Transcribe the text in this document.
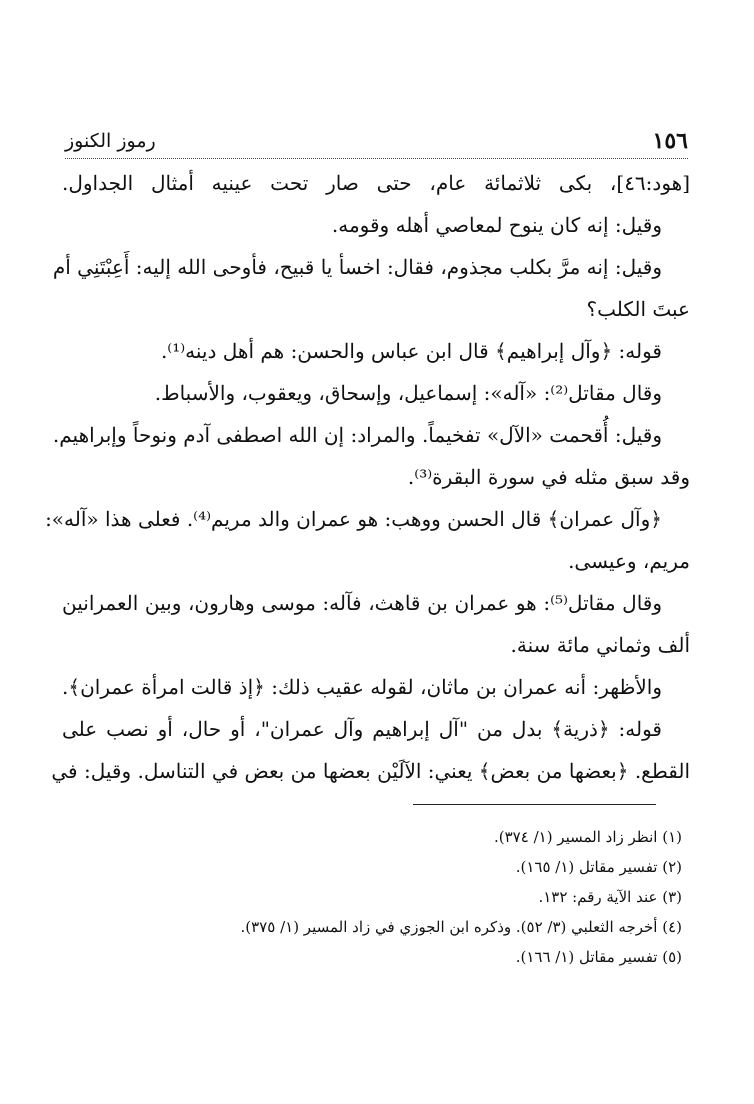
١٥٦
رموز الكنوز
[هود:٤٦]، بكى ثلاثمائة عام، حتى صار تحت عينيه أمثال الجداول.
وقيل: إنه كان ينوح لمعاصي أهله وقومه.
وقيل: إنه مرَّ بكلب مجذوم، فقال: اخسأ يا قبيح، فأوحى الله إليه: أَعِبْتَنِي أم
عبتَ الكلب؟
قوله: ﴿وآل إبراهيم﴾ قال ابن عباس والحسن: هم أهل دينه⁽¹⁾.
وقال مقاتل⁽²⁾: «آله»: إسماعيل، وإسحاق، ويعقوب، والأسباط.
وقيل: أُقحمت «الآل» تفخيماً. والمراد: إن الله اصطفى آدم ونوحاً وإبراهيم.
وقد سبق مثله في سورة البقرة⁽³⁾.
﴿وآل عمران﴾ قال الحسن ووهب: هو عمران والد مريم⁽⁴⁾. فعلى هذا «آله»:
مريم، وعيسى.
وقال مقاتل⁽⁵⁾: هو عمران بن قاهث، فآله: موسى وهارون، وبين العمرانين
ألف وثماني مائة سنة.
والأظهر: أنه عمران بن ماثان، لقوله عقيب ذلك: ﴿إذ قالت امرأة عمران﴾.
قوله: ﴿ذرية﴾ بدل من "آل إبراهيم وآل عمران"، أو حال، أو نصب على
القطع. ﴿بعضها من بعض﴾ يعني: الآلَيْن بعضها من بعض في التناسل. وقيل: في
(١) انظر زاد المسير (١/ ٣٧٤).
(٢) تفسير مقاتل (١/ ١٦٥).
(٣) عند الآية رقم: ١٣٢.
(٤) أخرجه الثعلبي (٣/ ٥٢). وذكره ابن الجوزي في زاد المسير (١/ ٣٧٥).
(٥) تفسير مقاتل (١/ ١٦٦).
